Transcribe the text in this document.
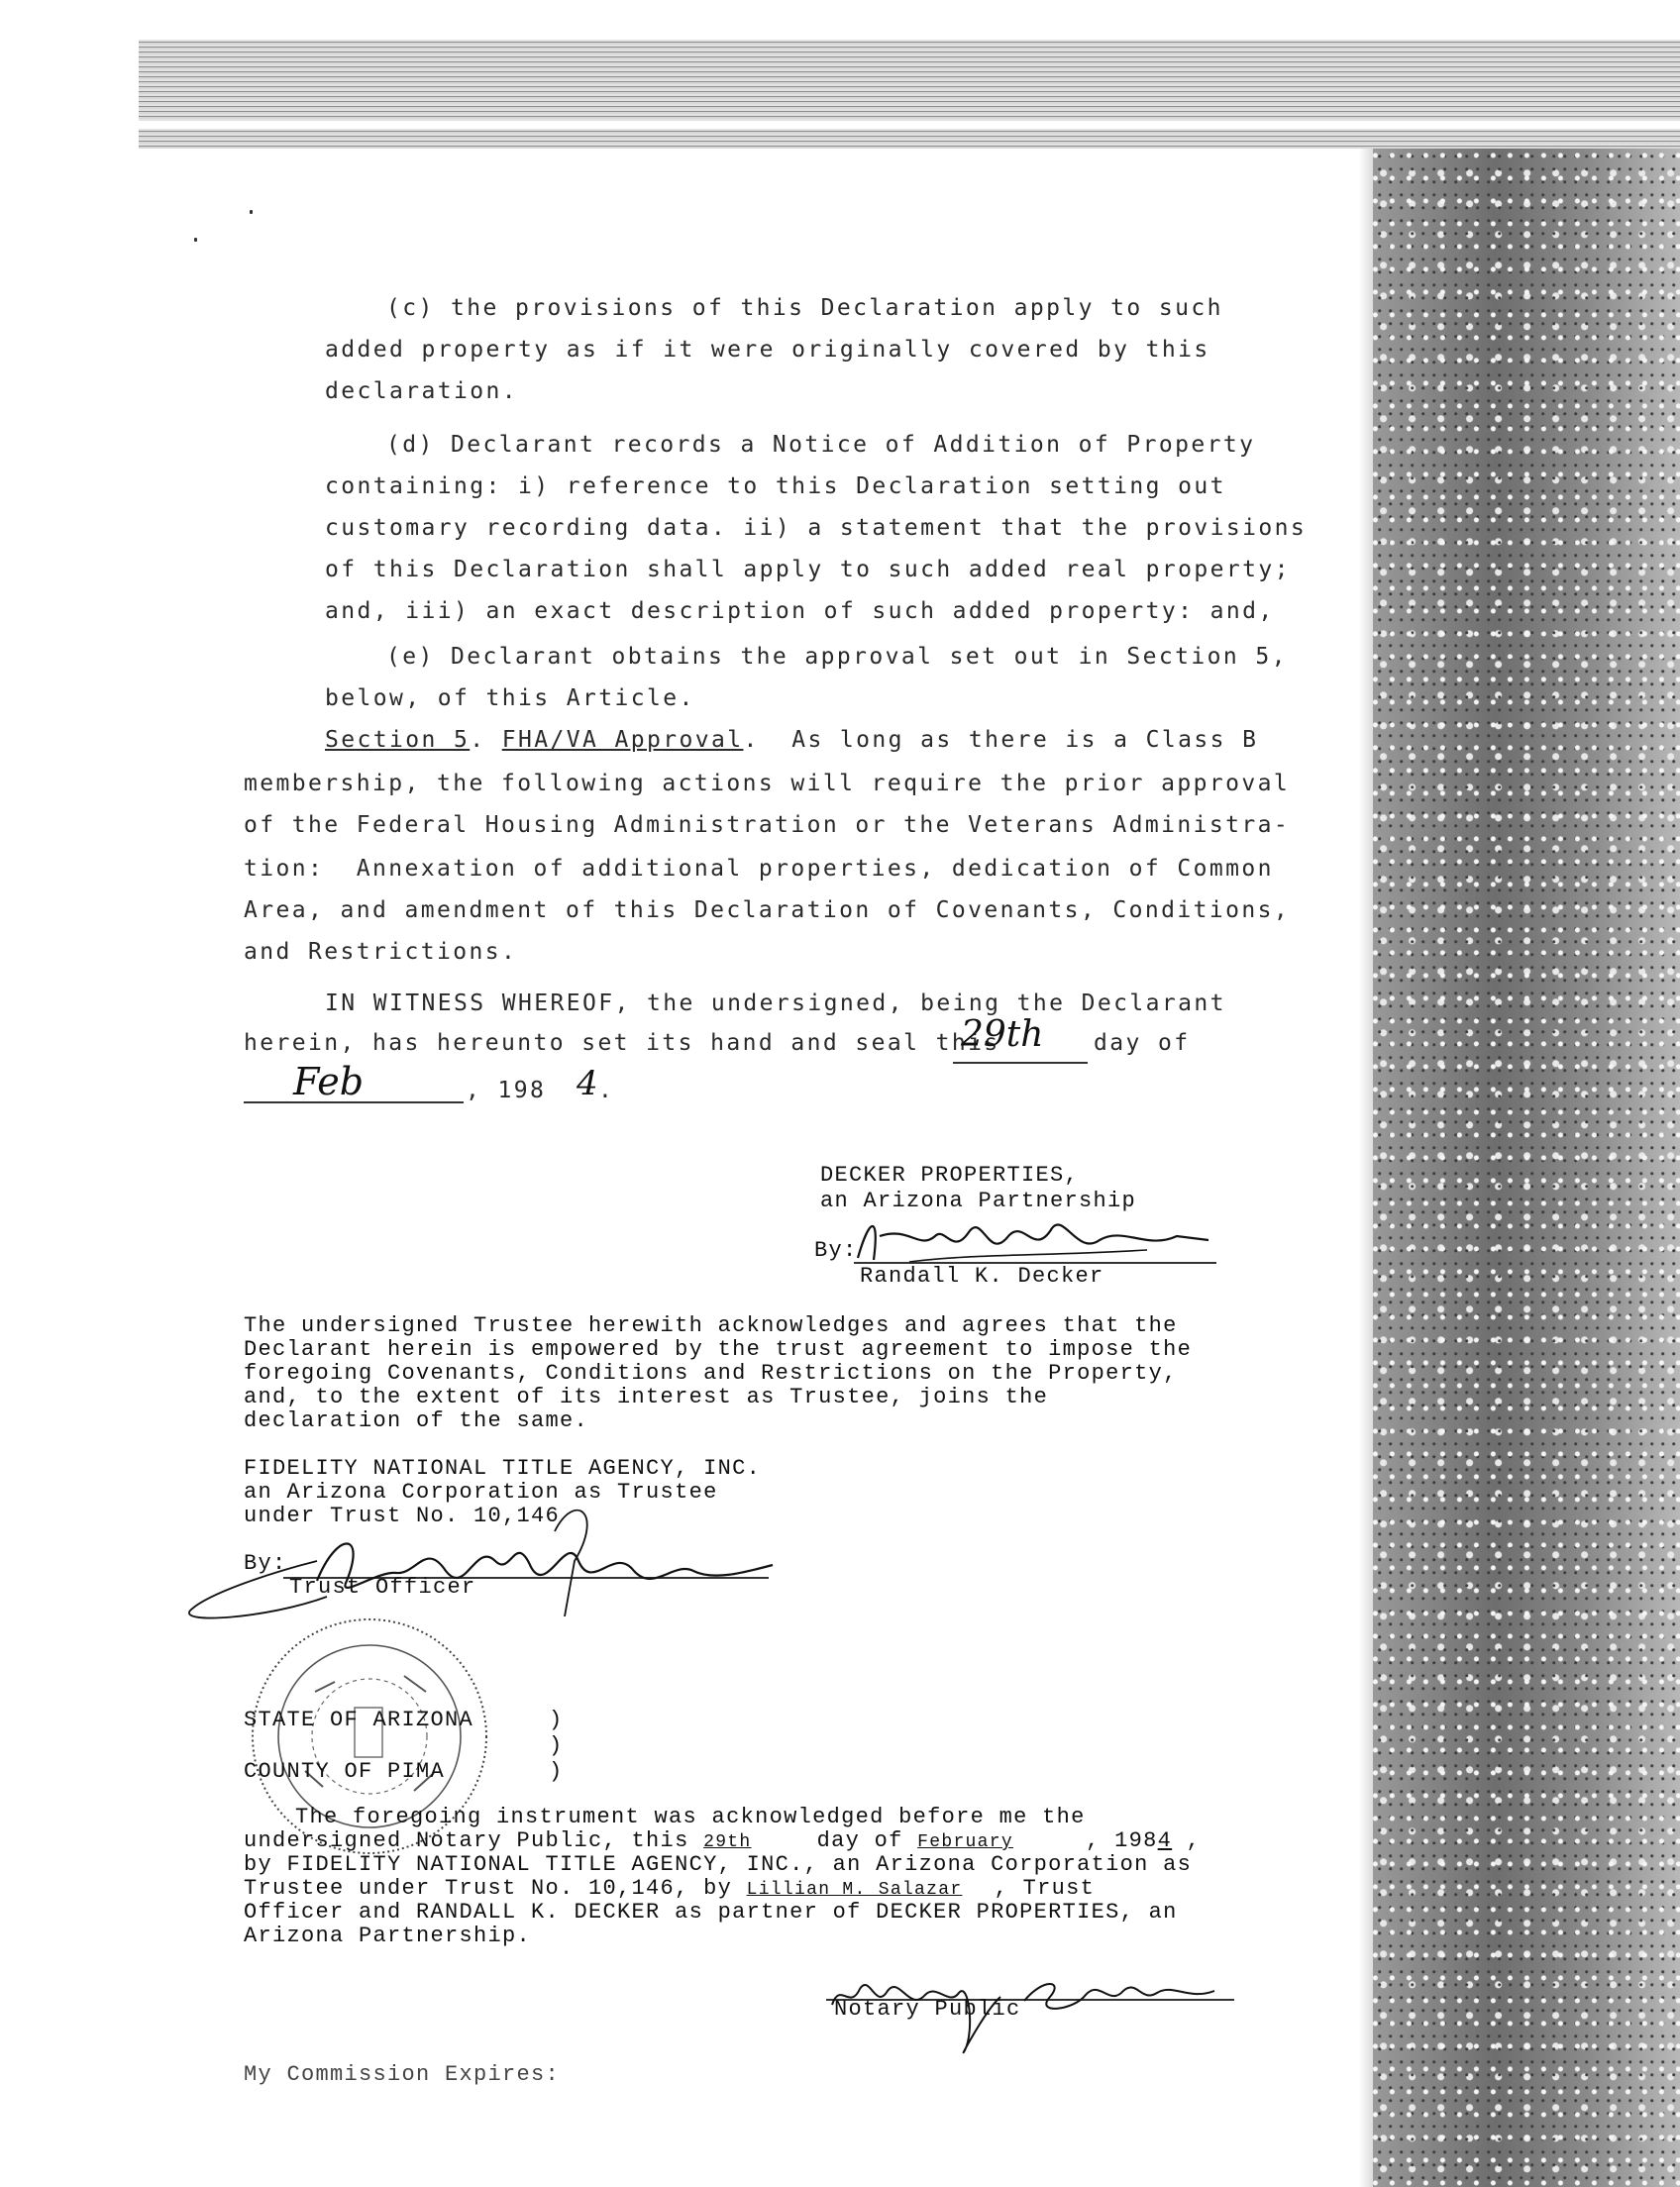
(c) the provisions of this Declaration apply to such

added property as if it were originally covered by this

declaration.

(d) Declarant records a Notice of Addition of Property

containing: i) reference to this Declaration setting out

customary recording data. ii) a statement that the provisions

of this Declaration shall apply to such added real property;

and, iii) an exact description of such added property: and,

(e) Declarant obtains the approval set out in Section 5,

below, of this Article.

Section 5. FHA/VA Approval.  As long as there is a Class B

membership, the following actions will require the prior approval

of the Federal Housing Administration or the Veterans Administra-

tion:  Annexation of additional properties, dedication of Common

Area, and amendment of this Declaration of Covenants, Conditions,

and Restrictions.

IN WITNESS WHEREOF, the undersigned, being the Declarant

herein, has hereunto set its hand and seal this

29th day of

Feb	, 198 4 .

DECKER PROPERTIES,

an Arizona Partnership

By:

Randall K. Decker

The undersigned Trustee herewith acknowledges and agrees that the

Declarant herein is empowered by the trust agreement to impose the

foregoing Covenants, Conditions and Restrictions on the Property,

and, to the extent of its interest as Trustee, joins the

declaration of the same.

FIDELITY NATIONAL TITLE AGENCY, INC.

an Arizona Corporation as Trustee

under Trust No. 10,146

By:

Trust Officer

STATE OF ARIZONA	)

)

COUNTY OF PIMA	)

The foregoing instrument was acknowledged before me the

undersigned Notary Public, this 29th	day of February	, 1984 ,

by FIDELITY NATIONAL TITLE AGENCY, INC., an Arizona Corporation as

Trustee under Trust No. 10,146, by Lillian M. Salazar , Trust

Officer and RANDALL K. DECKER as partner of DECKER PROPERTIES, an

Arizona Partnership.

Notary Public

My Commission Expires:
